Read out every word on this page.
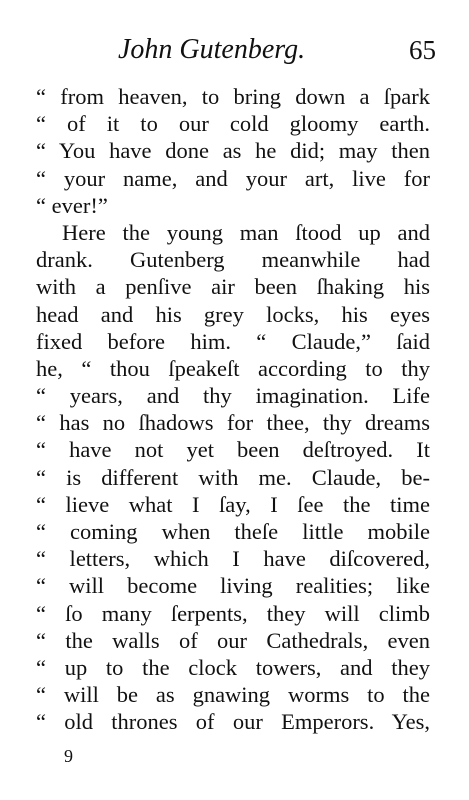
John Gutenberg.	65
“ from heaven, to bring down a ſpark
“ of it to our cold gloomy earth.
“ You have done as he did; may then
“ your name, and your art, live for
“ ever!”
Here the young man ſtood up and
drank. Gutenberg meanwhile had
with a penſive air been ſhaking his
head and his grey locks, his eyes
fixed before him. “ Claude,” ſaid
he, “ thou ſpeakeſt according to thy
“ years, and thy imagination. Life
“ has no ſhadows for thee, thy dreams
“ have not yet been deſtroyed. It
“ is different with me. Claude, be-
“ lieve what I ſay, I ſee the time
“ coming when theſe little mobile
“ letters, which I have diſcovered,
“ will become living realities; like
“ ſo many ſerpents, they will climb
“ the walls of our Cathedrals, even
“ up to the clock towers, and they
“ will be as gnawing worms to the
“ old thrones of our Emperors. Yes,
9
